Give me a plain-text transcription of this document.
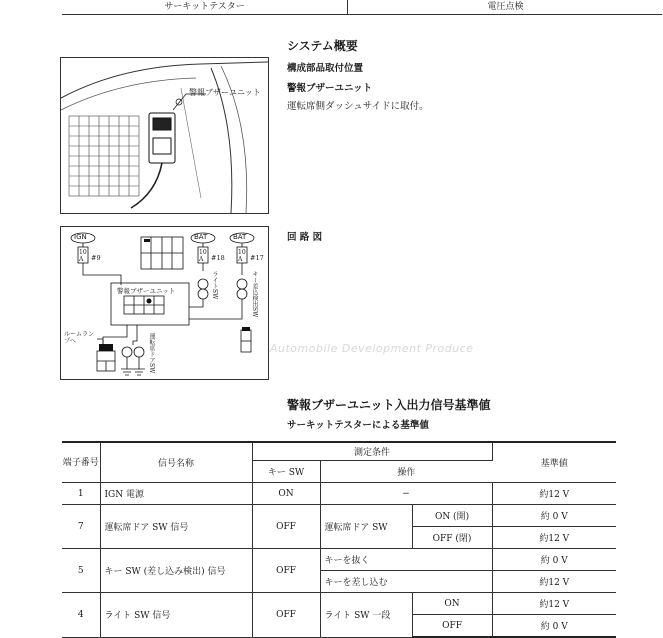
サーキットテスター	電圧点検
システム概要
構成部品取付位置
警報ブザーユニット
運転席側ダッシュサイドに取付。
警報ブザーユニット
回 路 図
IGN	BAT	BAT
10A	#9
10A	#18
10A	#17
警報ブザーユニット	ライトSW	キー差込検出SW
ルームランプへ	運転席ドアSW	Automobile Development Produce
警報ブザーユニット入出力信号基準値
サーキットテスターによる基準値
端子番号	信号名称	測定条件			基準値
		キー SW	操作		
1	IGN 電源	ON	−		約12 V
7	運転席ドア SW 信号	OFF	運転席ドア SW	ON (開)	約 0 V
				OFF (閉)	約12 V
5	キー SW (差し込み検出) 信号	OFF	キーを抜く		約 0 V
			キーを差し込む		約12 V
4	ライト SW 信号	OFF	ライト SW 一段	ON	約12 V
				OFF	約 0 V
